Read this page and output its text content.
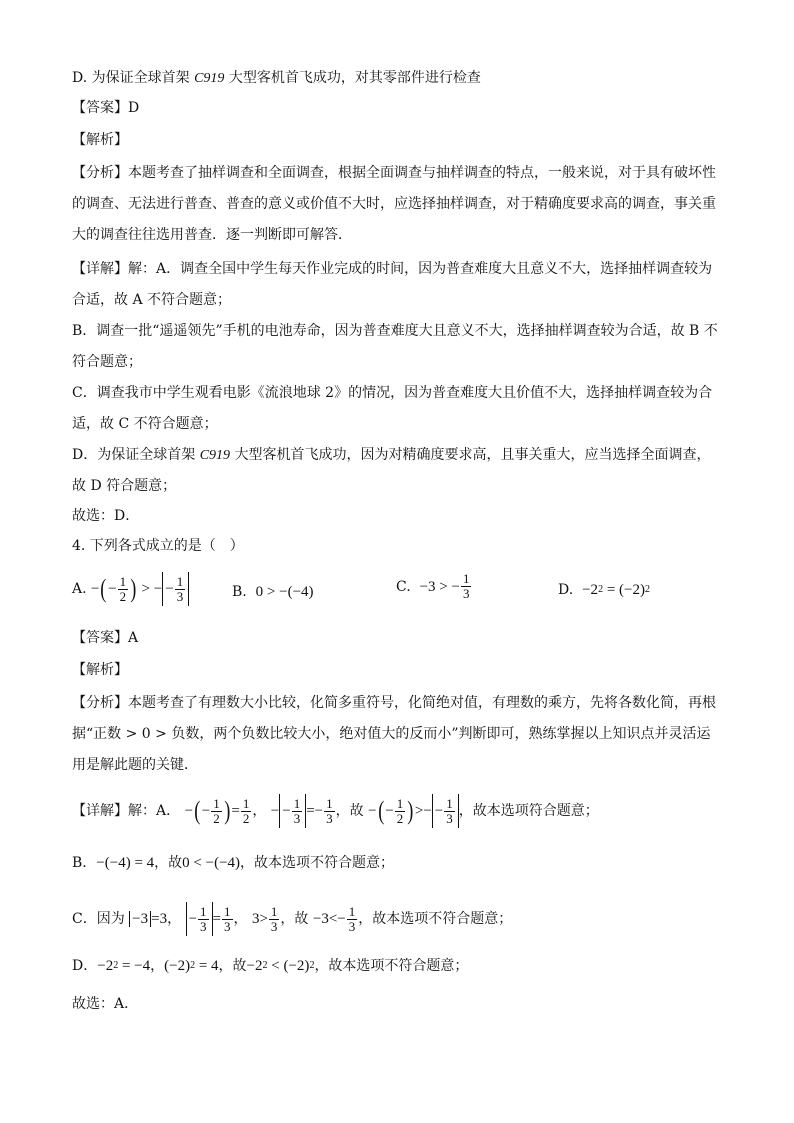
D. 为保证全球首架 C919 大型客机首飞成功，对其零部件进行检查
【答案】D
【解析】
【分析】本题考查了抽样调查和全面调查，根据全面调查与抽样调查的特点，一般来说，对于具有破坏性的调查、无法进行普查、普查的意义或价值不大时，应选择抽样调查，对于精确度要求高的调查，事关重大的调查往往选用普查．逐一判断即可解答．
【详解】解：A．调查全国中学生每天作业完成的时间，因为普查难度大且意义不大，选择抽样调查较为合适，故 A 不符合题意；
B．调查一批“遥遥领先”手机的电池寿命，因为普查难度大且意义不大，选择抽样调查较为合适，故 B 不符合题意；
C．调查我市中学生观看电影《流浪地球 2》的情况，因为普查难度大且价值不大，选择抽样调查较为合适，故 C 不符合题意；
D．为保证全球首架 C919 大型客机首飞成功，因为对精确度要求高，且事关重大，应当选择全面调查，故 D 符合题意；
故选：D．
4. 下列各式成立的是（　）
A.
− ( − $\frac{1}{2}$ ) > − − $\frac{1}{3}$	B.
0 > −(−4)	C.
−3 > − $\frac{1}{3}$	D.
−2 2 = (−2) 2
【答案】A
【解析】
【分析】本题考查了有理数大小比较，化简多重符号，化简绝对值，有理数的乘方，先将各数化简，再根据“正数 > 0 > 负数，两个负数比较大小，绝对值大的反而小”判断即可，熟练掌握以上知识点并灵活运用是解此题的关键．
【详解】解：A． − ( − $\frac{1}{2}$ ) = $\frac{1}{2}$ ， − − $\frac{1}{3} =- \frac{1}{3}$ ，故 − ( − $\frac{1}{2}$ ) >− − $\frac{1}{3}$ ，故本选项符合题意；
B．−(−4) = 4，故0 < −(−4)，故本选项不符合题意；
C．因为 −3 =3， − $\frac{1}{3} = \frac{1}{3}$ ， $3> \frac{1}{3}$ ，故 $-3<- \frac{1}{3}$ ，故本选项不符合题意；
D．−2 2 = −4，(−2) 2 = 4，故−2 2 < (−2) 2 ，故本选项不符合题意；
故选：A．
